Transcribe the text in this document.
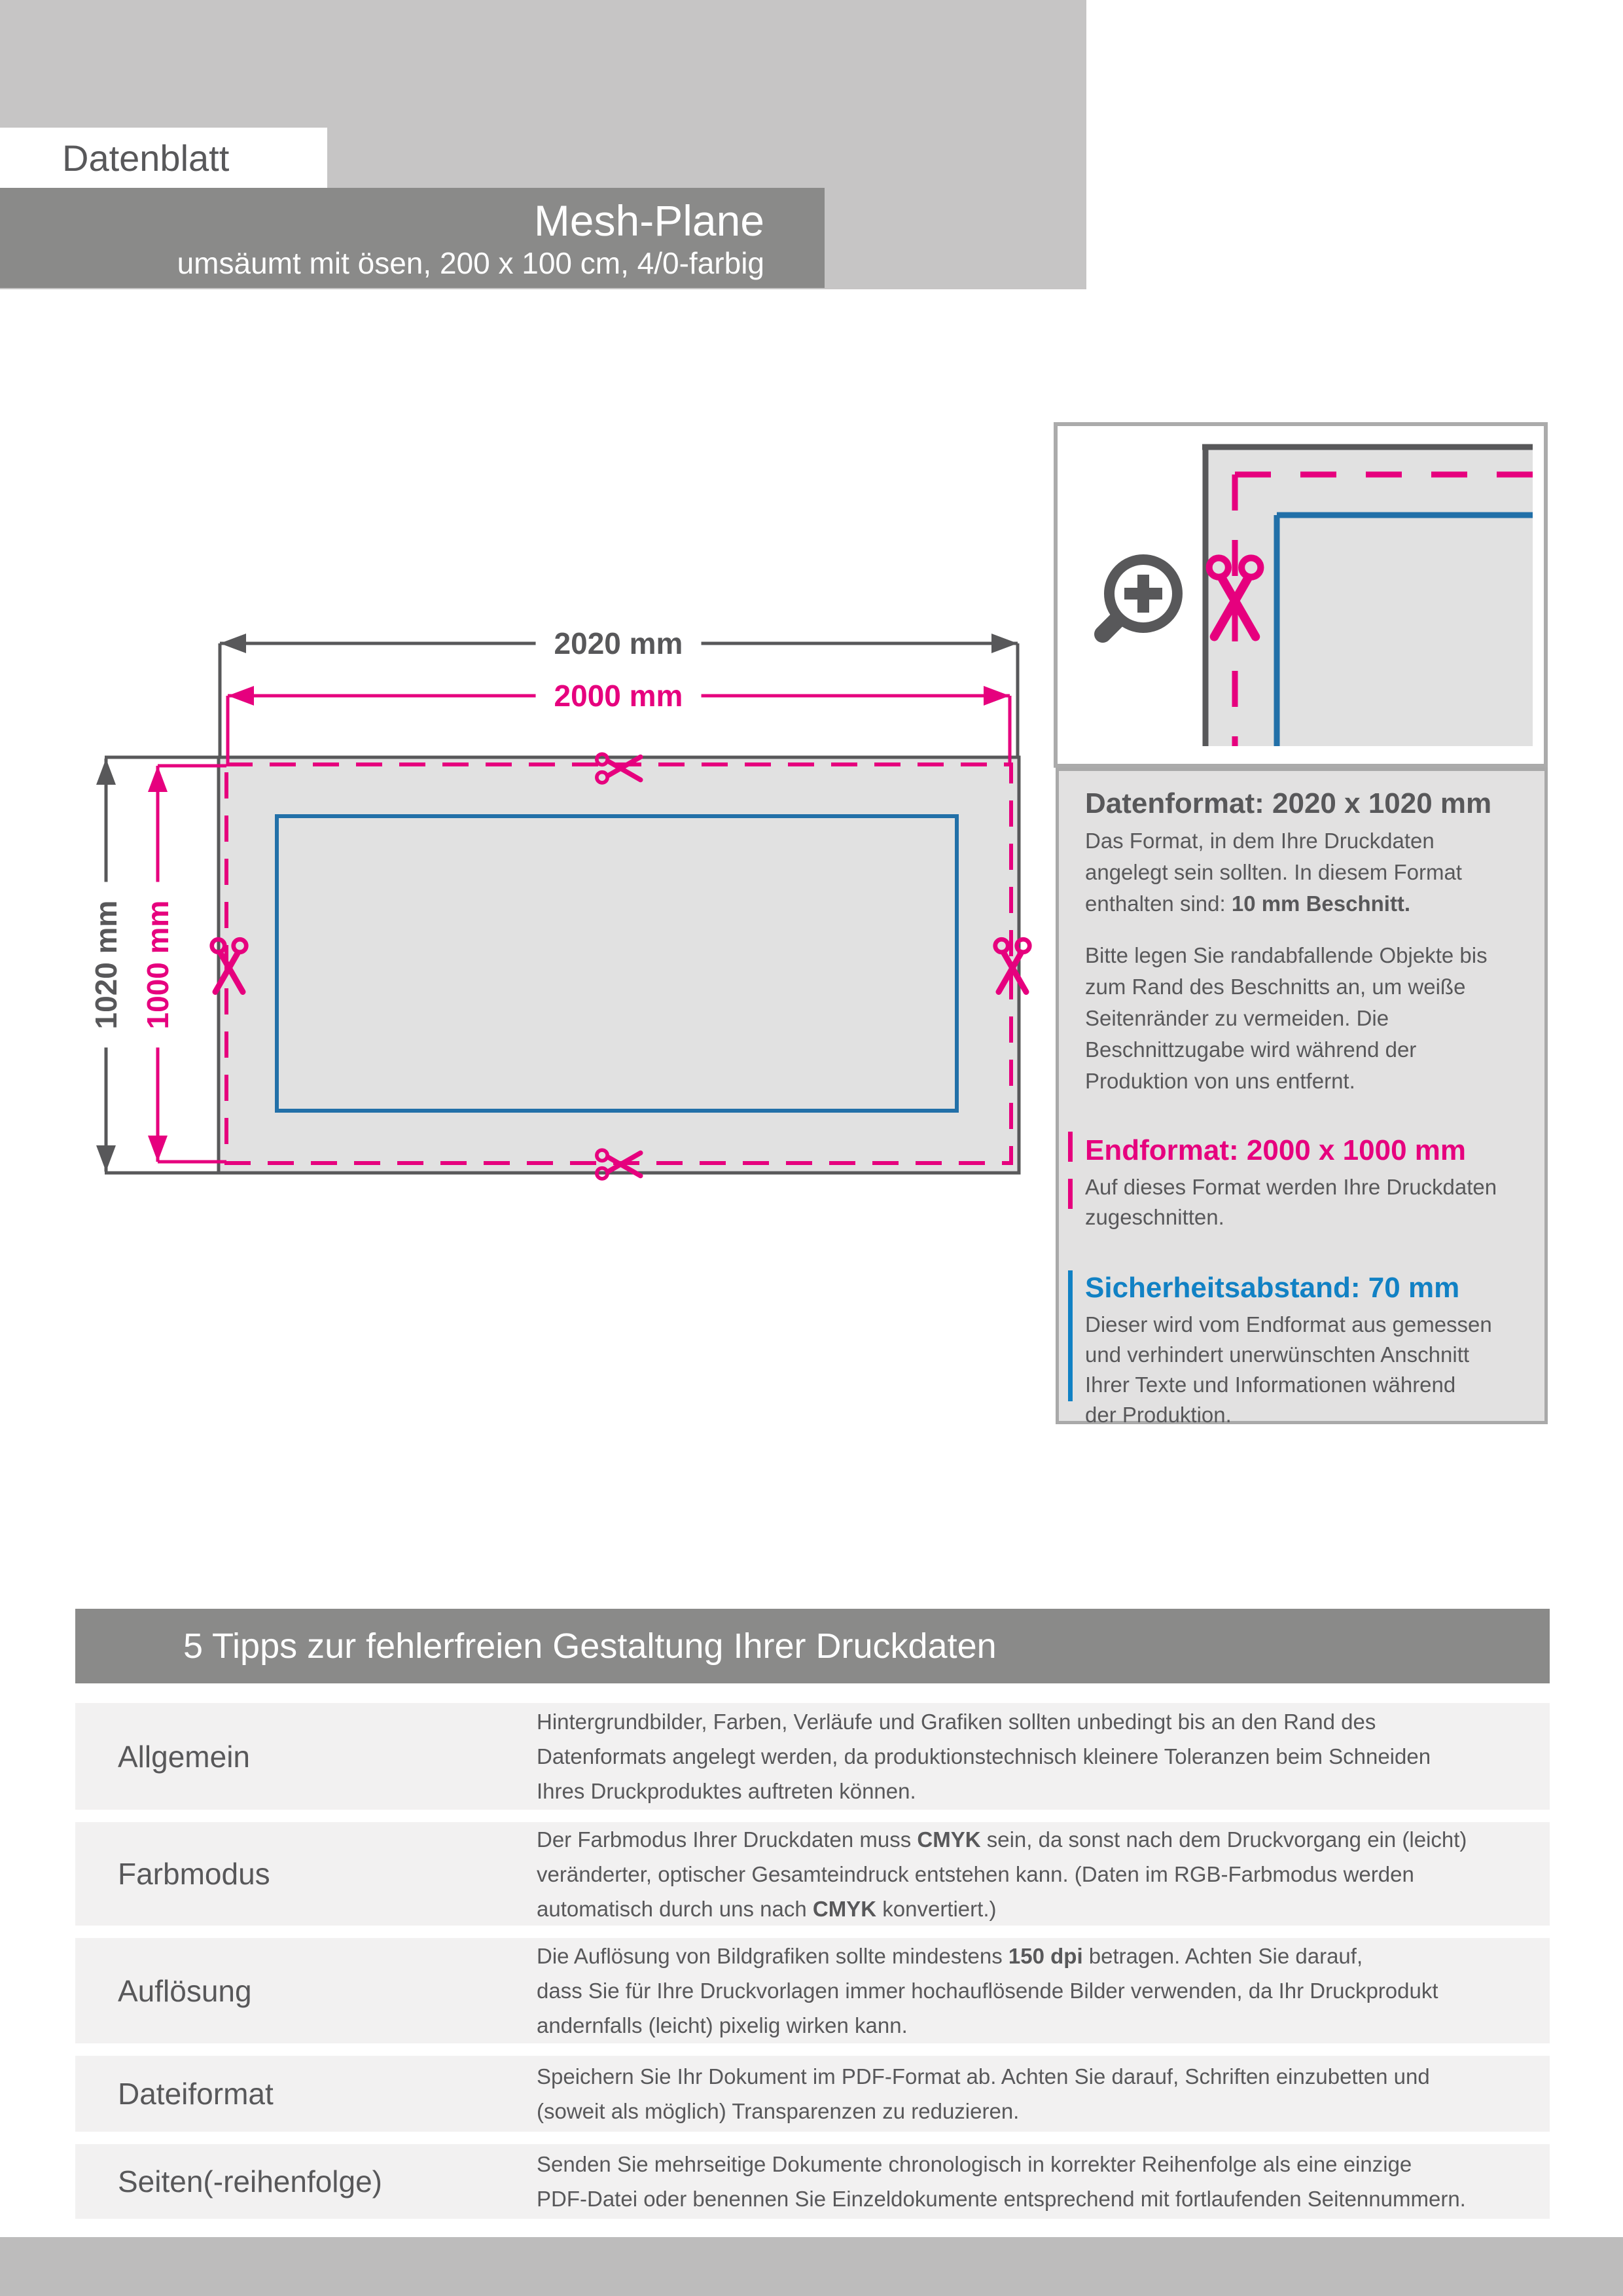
Datenblatt
Mesh-Plane
umsäumt mit ösen, 200 x 100 cm, 4/0-farbig
2020 mm
2000 mm
1020 mm 1000 mm
Datenformat: 2020 x 1020 mm
Das Format, in dem Ihre Druckdaten
angelegt sein sollten. In diesem Format
enthalten sind: 10 mm Beschnitt.
Bitte legen Sie randabfallende Objekte bis
zum Rand des Beschnitts an, um weiße
Seitenränder zu vermeiden. Die
Beschnittzugabe wird während der
Produktion von uns entfernt.
Endformat: 2000 x 1000 mm
Auf dieses Format werden Ihre Druckdaten
zugeschnitten.
Sicherheitsabstand: 70 mm
Dieser wird vom Endformat aus gemessen
und verhindert unerwünschten Anschnitt
Ihrer Texte und Informationen während
der Produktion.
5 Tipps zur fehlerfreien Gestaltung Ihrer Druckdaten
Allgemein
Hintergrundbilder, Farben, Verläufe und Grafiken sollten unbedingt bis an den Rand des
Datenformats angelegt werden, da produktionstechnisch kleinere Toleranzen beim Schneiden
Ihres Druckproduktes auftreten können.
Farbmodus
Der Farbmodus Ihrer Druckdaten muss CMYK sein, da sonst nach dem Druckvorgang ein (leicht)
veränderter, optischer Gesamteindruck entstehen kann. (Daten im RGB-Farbmodus werden
automatisch durch uns nach CMYK konvertiert.)
Auflösung
Die Auflösung von Bildgrafiken sollte mindestens 150 dpi betragen. Achten Sie darauf,
dass Sie für Ihre Druckvorlagen immer hochauflösende Bilder verwenden, da Ihr Druckprodukt
andernfalls (leicht) pixelig wirken kann.
Dateiformat
Speichern Sie Ihr Dokument im PDF-Format ab. Achten Sie darauf, Schriften einzubetten und
(soweit als möglich) Transparenzen zu reduzieren.
Seiten(-reihenfolge)
Senden Sie mehrseitige Dokumente chronologisch in korrekter Reihenfolge als eine einzige
PDF-Datei oder benennen Sie Einzeldokumente entsprechend mit fortlaufenden Seitennummern.
